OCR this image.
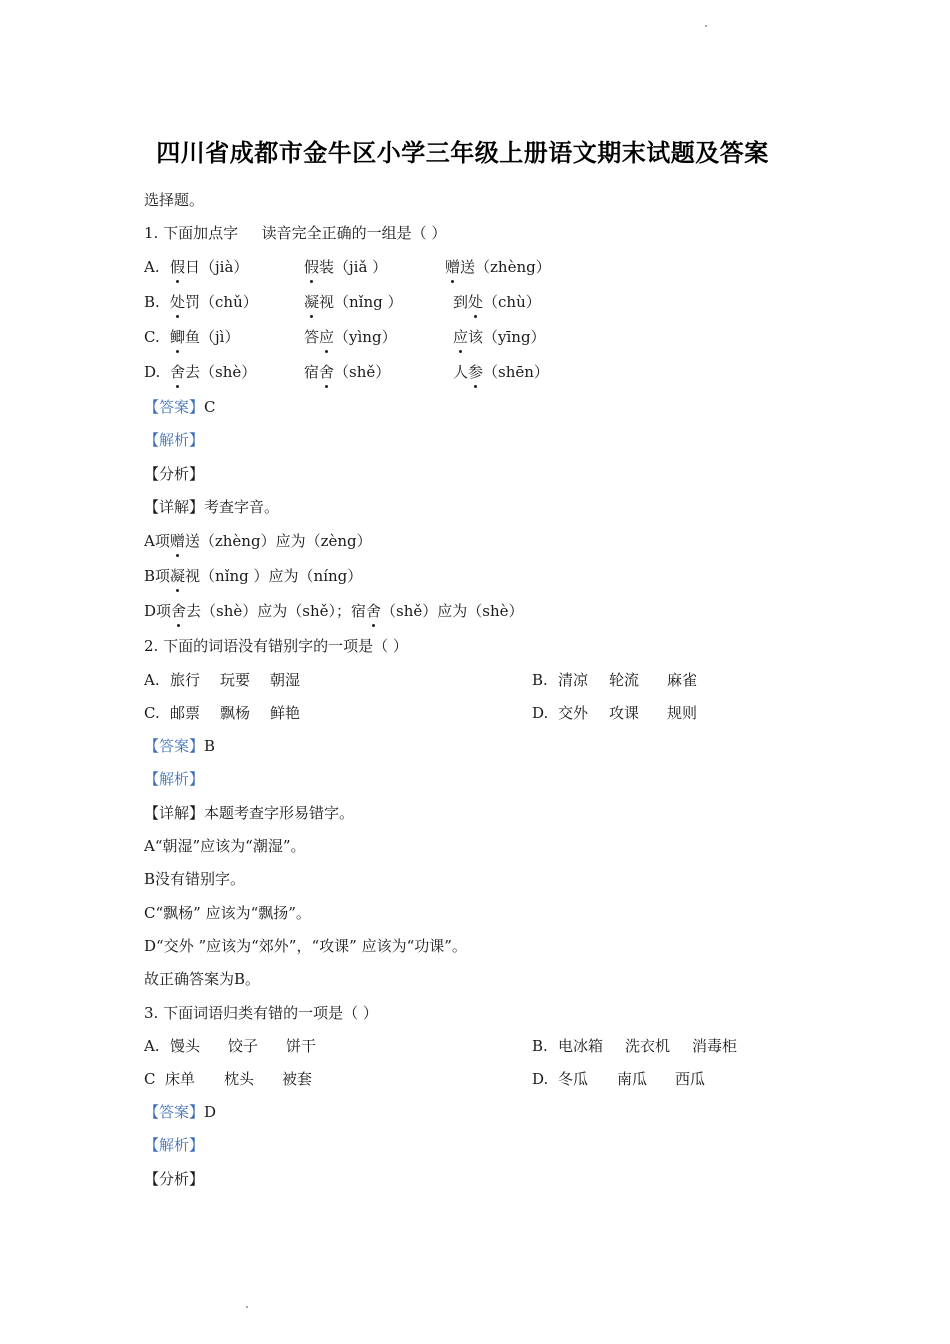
四川省成都市金牛区小学三年级上册语文期末试题及答案
选择题。
1. 下面加点字 读音完全正确的一组是（ ）
A. 假日（jià）	假装（jiǎ ）	赠送（zhèng）
B. 处罚（chǔ）	凝视（nǐng ）	到处（chù）
C. 鲫鱼（jì）	答应（yìng）	应该（yīng）
D. 舍去（shè）	宿舍（shě）	人参（shēn）
【答案】C
【解析】
【分析】
【详解】考查字音。
A项赠送（zhèng）应为（zèng）
B项凝视（nǐng ）应为（níng）
D项舍去（shè）应为（shě）；宿舍（shě）应为（shè）
2. 下面的词语没有错别字的一项是（ ）
A. 旅行 玩要 朝湿	B. 清凉 轮流 麻雀
C. 邮票 飘杨 鲜艳	D. 交外 攻课 规则
【答案】B
【解析】
【详解】本题考查字形易错字。
A“朝湿”应该为“潮湿”。
B没有错别字。
C“飘杨” 应该为“飘扬”。
D“交外 ”应该为“郊外”，“攻课” 应该为“功课”。
故正确答案为B。
3. 下面词语归类有错的一项是（ ）
A. 馒头 饺子 饼干	B. 电冰箱 洗衣机 消毒柜
C 床单 枕头 被套	D. 冬瓜 南瓜 西瓜
【答案】D
【解析】
【分析】
